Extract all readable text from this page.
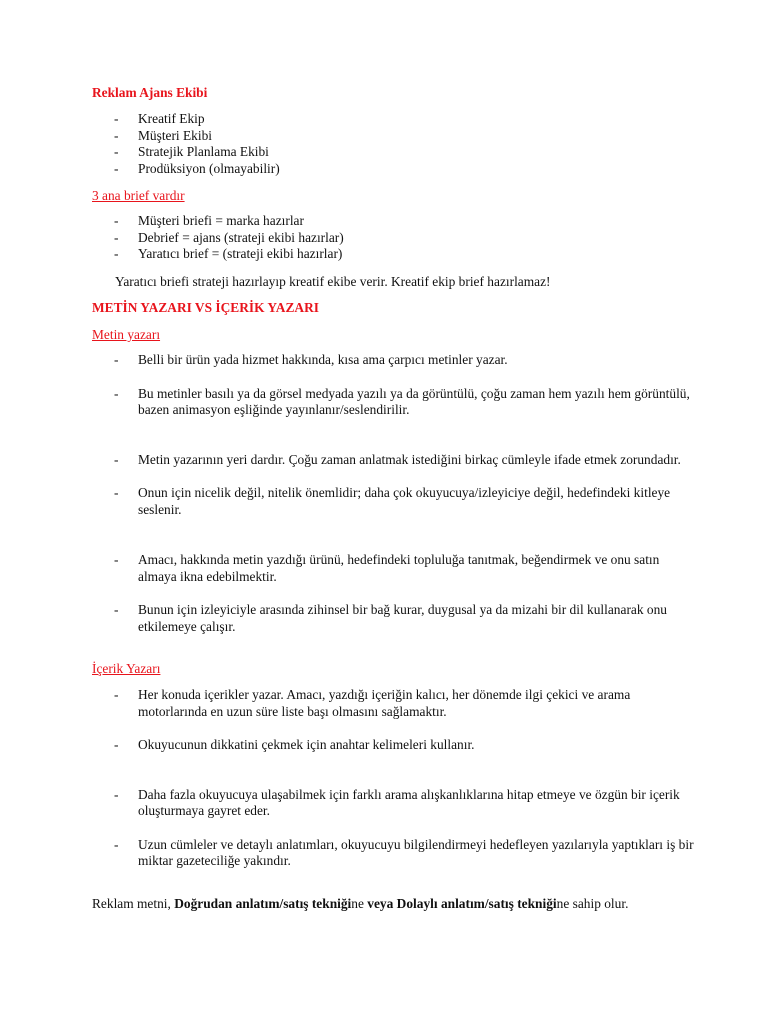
Reklam Ajans Ekibi

- Kreatif Ekip
- Müşteri Ekibi
- Stratejik Planlama Ekibi
- Prodüksiyon (olmayabilir)

3 ana brief vardır

- Müşteri briefi = marka hazırlar
- Debrief = ajans (strateji ekibi hazırlar)
- Yaratıcı brief = (strateji ekibi hazırlar)

Yaratıcı briefi strateji hazırlayıp kreatif ekibe verir. Kreatif ekip brief hazırlamaz!

METİN YAZARI VS İÇERİK YAZARI

Metin yazarı

- Belli bir ürün yada hizmet hakkında, kısa ama çarpıcı metinler yazar.
- Bu metinler basılı ya da görsel medyada yazılı ya da görüntülü, çoğu zaman hem yazılı hem görüntülü, bazen animasyon eşliğinde yayınlanır/seslendirilir.
- Metin yazarının yeri dardır. Çoğu zaman anlatmak istediğini birkaç cümleyle ifade etmek zorundadır.
- Onun için nicelik değil, nitelik önemlidir; daha çok okuyucuya/izleyiciye değil, hedefindeki kitleye seslenir.
- Amacı, hakkında metin yazdığı ürünü, hedefindeki topluluğa tanıtmak, beğendirmek ve onu satın almaya ikna edebilmektir.
- Bunun için izleyiciyle arasında zihinsel bir bağ kurar, duygusal ya da mizahi bir dil kullanarak onu etkilemeye çalışır.

İçerik Yazarı

- Her konuda içerikler yazar. Amacı, yazdığı içeriğin kalıcı, her dönemde ilgi çekici ve arama motorlarında en uzun süre liste başı olmasını sağlamaktır.
- Okuyucunun dikkatini çekmek için anahtar kelimeleri kullanır.
- Daha fazla okuyucuya ulaşabilmek için farklı arama alışkanlıklarına hitap etmeye ve özgün bir içerik oluşturmaya gayret eder.
- Uzun cümleler ve detaylı anlatımları, okuyucuyu bilgilendirmeyi hedefleyen yazılarıyla yaptıkları iş bir miktar gazeteciliğe yakındır.

Reklam metni, Doğrudan anlatım/satış tekniğine veya Dolaylı anlatım/satış tekniğine sahip olur.
